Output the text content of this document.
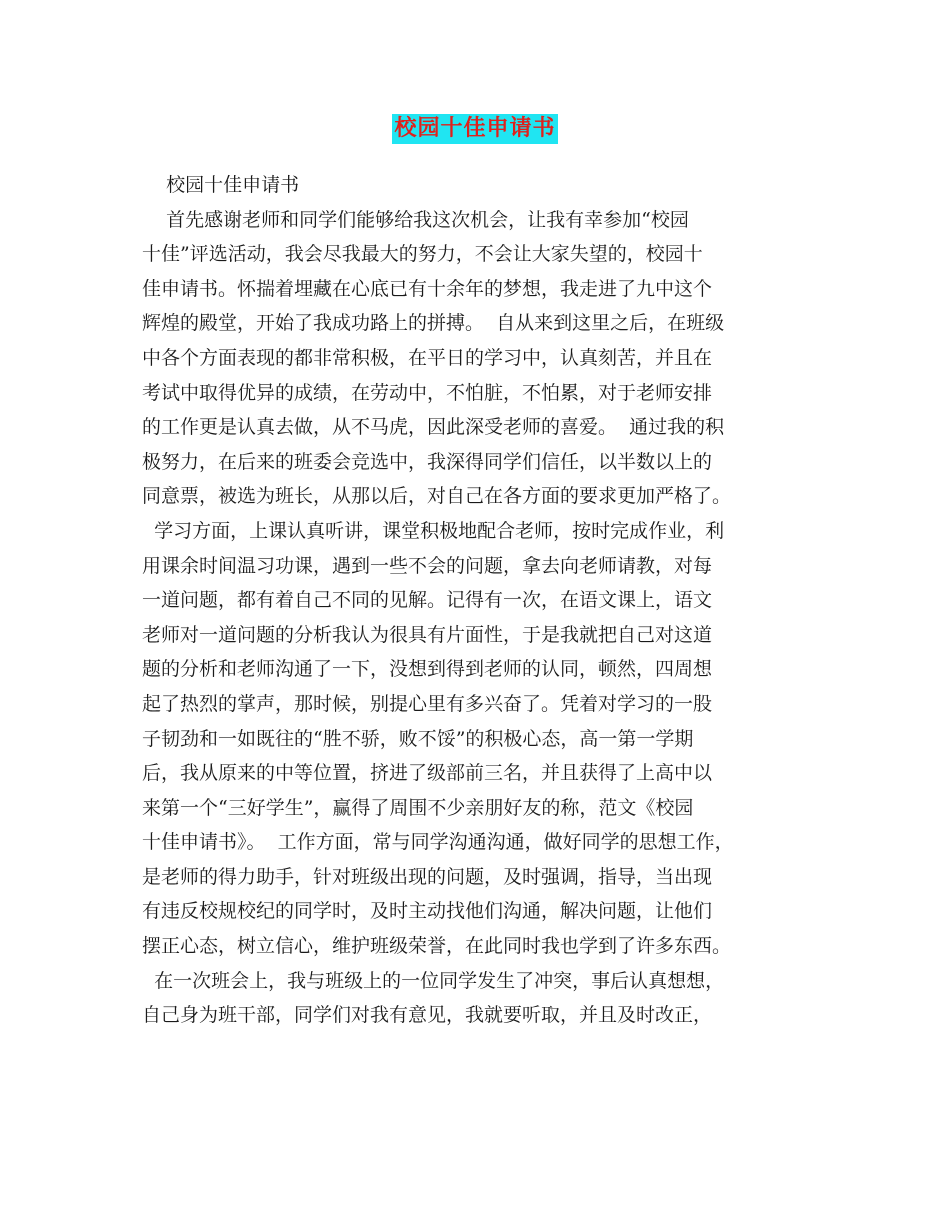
校园十佳申请书
校园十佳申请书
首先感谢老师和同学们能够给我这次机会，让我有幸参加“校园
十佳”评选活动，我会尽我最大的努力，不会让大家失望的，校园十
佳申请书。怀揣着埋藏在心底已有十余年的梦想，我走进了九中这个
辉煌的殿堂，开始了我成功路上的拼搏。  自从来到这里之后，在班级
中各个方面表现的都非常积极，在平日的学习中，认真刻苦，并且在
考试中取得优异的成绩，在劳动中，不怕脏，不怕累，对于老师安排
的工作更是认真去做，从不马虎，因此深受老师的喜爱。  通过我的积
极努力，在后来的班委会竞选中，我深得同学们信任，以半数以上的
同意票，被选为班长，从那以后，对自己在各方面的要求更加严格了。
学习方面，上课认真听讲，课堂积极地配合老师，按时完成作业，利
用课余时间温习功课，遇到一些不会的问题，拿去向老师请教，对每
一道问题，都有着自己不同的见解。记得有一次，在语文课上，语文
老师对一道问题的分析我认为很具有片面性，于是我就把自己对这道
题的分析和老师沟通了一下，没想到得到老师的认同，顿然，四周想
起了热烈的掌声，那时候，别提心里有多兴奋了。凭着对学习的一股
子韧劲和一如既往的“胜不骄，败不馁”的积极心态，高一第一学期
后，我从原来的中等位置，挤进了级部前三名，并且获得了上高中以
来第一个“三好学生”，赢得了周围不少亲朋好友的称，范文《校园
十佳申请书》。  工作方面，常与同学沟通沟通，做好同学的思想工作，
是老师的得力助手，针对班级出现的问题，及时强调，指导，当出现
有违反校规校纪的同学时，及时主动找他们沟通，解决问题，让他们
摆正心态，树立信心，维护班级荣誉，在此同时我也学到了许多东西。
在一次班会上，我与班级上的一位同学发生了冲突，事后认真想想，
自己身为班干部，同学们对我有意见，我就要听取，并且及时改正，
